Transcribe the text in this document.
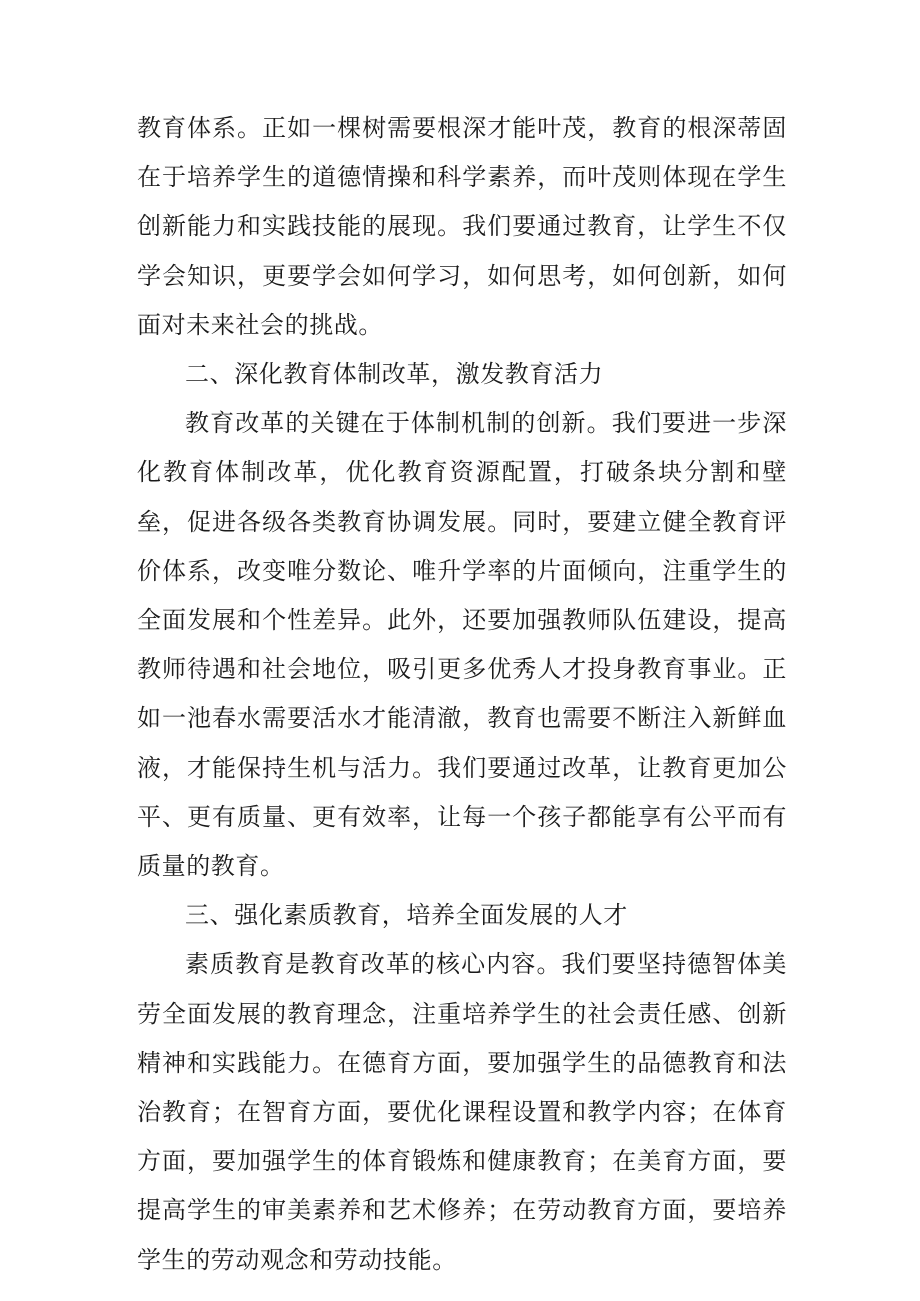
教育体系。正如一棵树需要根深才能叶茂，教育的根深蒂固在于培养学生的道德情操和科学素养，而叶茂则体现在学生创新能力和实践技能的展现。我们要通过教育，让学生不仅学会知识，更要学会如何学习，如何思考，如何创新，如何面对未来社会的挑战。

二、深化教育体制改革，激发教育活力

教育改革的关键在于体制机制的创新。我们要进一步深化教育体制改革，优化教育资源配置，打破条块分割和壁垒，促进各级各类教育协调发展。同时，要建立健全教育评价体系，改变唯分数论、唯升学率的片面倾向，注重学生的全面发展和个性差异。此外，还要加强教师队伍建设，提高教师待遇和社会地位，吸引更多优秀人才投身教育事业。正如一池春水需要活水才能清澈，教育也需要不断注入新鲜血液，才能保持生机与活力。我们要通过改革，让教育更加公平、更有质量、更有效率，让每一个孩子都能享有公平而有质量的教育。

三、强化素质教育，培养全面发展的人才

素质教育是教育改革的核心内容。我们要坚持德智体美劳全面发展的教育理念，注重培养学生的社会责任感、创新精神和实践能力。在德育方面，要加强学生的品德教育和法治教育；在智育方面，要优化课程设置和教学内容；在体育方面，要加强学生的体育锻炼和健康教育；在美育方面，要提高学生的审美素养和艺术修养；在劳动教育方面，要培养学生的劳动观念和劳动技能。
